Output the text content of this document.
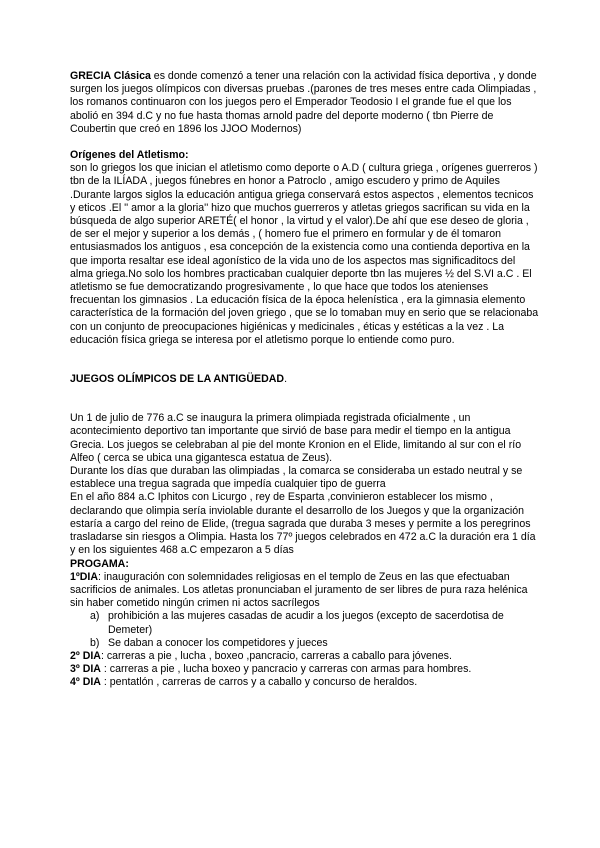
GRECIA Clásica es donde comenzó a tener una relación con la actividad física deportiva , y donde surgen los juegos olímpicos con diversas pruebas .(parones de tres meses entre cada Olimpiadas , los romanos continuaron con los juegos pero el Emperador Teodosio I el grande fue el que los abolió en 394 d.C y no fue hasta thomas arnold padre del deporte moderno ( tbn Pierre de Coubertin que creó en 1896 los JJOO Modernos)

Orígenes del Atletismo:

son lo griegos los que inician el atletismo como deporte o A.D ( cultura griega , orígenes guerreros ) tbn de la ILÍADA , juegos fúnebres en honor a Patroclo , amigo escudero y primo de Aquiles .Durante largos siglos la educación antigua griega conservará estos aspectos , elementos tecnicos y eticos .El '' amor a la gloria'' hizo que muchos guerreros y atletas griegos sacrifican su vida en la búsqueda de algo superior ARETÉ( el honor , la virtud y el valor).De ahí que ese deseo de gloria , de ser el mejor y superior a los demás , ( homero fue el primero en formular y de él tomaron entusiasmados los antiguos , esa concepción de la existencia como una contienda deportiva en la que importa resaltar ese ideal agonístico de la vida uno de los aspectos mas significaditocs del alma griega.No solo los hombres practicaban cualquier deporte tbn las mujeres ½ del S.VI a.C . El atletismo se fue democratizando progresivamente , lo que hace que todos los atenienses frecuentan los gimnasios . La educación física de la época helenística , era la gimnasia elemento característica de la formación del joven griego , que se lo tomaban muy en serio que se relacionaba con un conjunto de preocupaciones higiénicas y medicinales , éticas y estéticas a la vez . La educación física griega se interesa por el atletismo porque lo entiende como puro.

JUEGOS OLÍMPICOS DE LA ANTIGÜEDAD.

Un 1 de julio de 776 a.C se inaugura la primera olimpiada registrada oficialmente , un acontecimiento deportivo tan importante que sirvió de base para medir el tiempo en la antigua Grecia. Los juegos se celebraban al pie del monte Kronion en el Elide, limitando al sur con el río Alfeo ( cerca se ubica una gigantesca estatua de Zeus).

Durante los días que duraban las olimpiadas , la comarca se consideraba un estado neutral y se establece una tregua sagrada que impedía cualquier tipo de guerra

En el año 884 a.C Iphitos con Licurgo , rey de Esparta ,convinieron establecer los mismo , declarando que olimpia sería inviolable durante el desarrollo de los Juegos y que la organización estaría a cargo del reino de Elide, (tregua sagrada que duraba 3 meses y permite a los peregrinos trasladarse sin riesgos a Olimpia. Hasta los 77º juegos celebrados en 472 a.C la duración era 1 día y en los siguientes 468 a.C empezaron a 5 días

PROGAMA:

1ºDIA: inauguración con solemnidades religiosas en el templo de Zeus en las que efectuaban sacrificios de animales. Los atletas pronunciaban el juramento de ser libres de pura raza helénica sin haber cometido ningún crimen ni actos sacrílegos

a) prohibición a las mujeres casadas de acudir a los juegos (excepto de sacerdotisa de Demeter)
b) Se daban a conocer los competidores y jueces

2º DIA: carreras a pie , lucha , boxeo ,pancracio, carreras a caballo para jóvenes.

3º DIA : carreras a pie , lucha boxeo y pancracio y carreras con armas para hombres.

4º DIA : pentatlón , carreras de carros y a caballo y concurso de heraldos.
